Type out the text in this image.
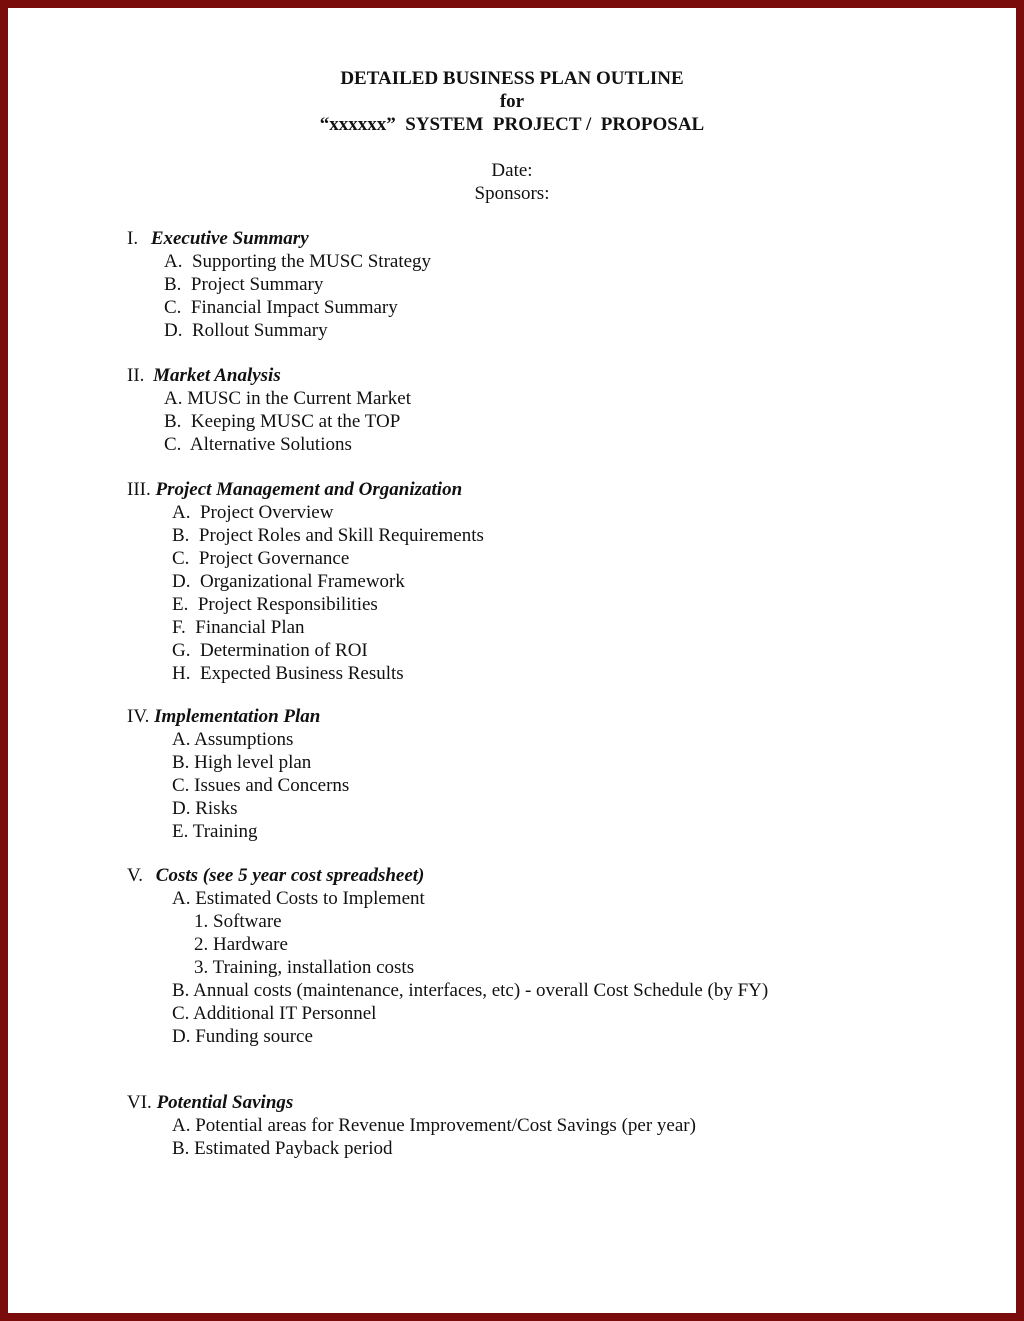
DETAILED BUSINESS PLAN OUTLINE
for
“xxxxxx”  SYSTEM  PROJECT /  PROPOSAL
Date:
Sponsors:
I. Executive Summary
A.  Supporting the MUSC Strategy
B.  Project Summary
C.  Financial Impact Summary
D.  Rollout Summary
II. Market Analysis
A. MUSC in the Current Market
B.  Keeping MUSC at the TOP
C.  Alternative Solutions
III. Project Management and Organization
A.  Project Overview
B.  Project Roles and Skill Requirements
C.  Project Governance
D.  Organizational Framework
E.  Project Responsibilities
F.  Financial Plan
G.  Determination of ROI
H.  Expected Business Results
IV. Implementation Plan
A. Assumptions
B. High level plan
C. Issues and Concerns
D. Risks
E. Training
V. Costs (see 5 year cost spreadsheet)
A. Estimated Costs to Implement
1. Software
2. Hardware
3. Training, installation costs
B. Annual costs (maintenance, interfaces, etc) - overall Cost Schedule (by FY)
C. Additional IT Personnel
D. Funding source
VI. Potential Savings
A. Potential areas for Revenue Improvement/Cost Savings (per year)
B. Estimated Payback period
